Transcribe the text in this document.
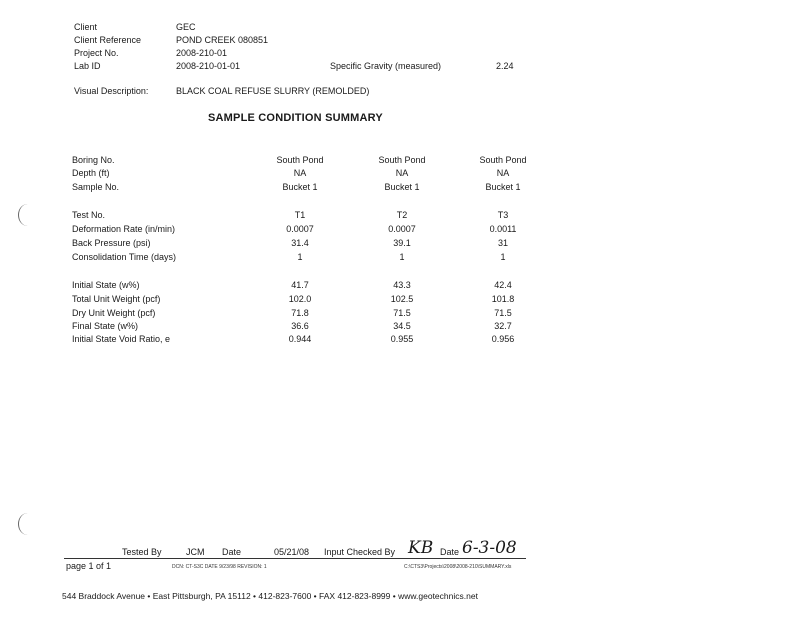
Client	GEC
Client Reference	POND CREEK 080851
Project No.	2008-210-01
Lab ID	2008-210-01-01	Specific Gravity (measured)	2.24
Visual Description:	BLACK COAL REFUSE SLURRY (REMOLDED)
SAMPLE CONDITION SUMMARY
Boring No.	South Pond	South Pond	South Pond
Depth (ft)	NA	NA	NA
Sample No.	Bucket 1	Bucket 1	Bucket 1
Test No.	T1	T2	T3
Deformation Rate (in/min)	0.0007	0.0007	0.0011
Back Pressure (psi)	31.4	39.1	31
Consolidation Time (days)	1	1	1
Initial State (w%)	41.7	43.3	42.4
Total Unit Weight (pcf)	102.0	102.5	101.8
Dry Unit Weight (pcf)	71.8	71.5	71.5
Final State (w%)	36.6	34.5	32.7
Initial State Void Ratio, e	0.944	0.955	0.956
Tested By	JCM Date	05/21/08 Input Checked By KB Date 6-3-08
page 1 of 1	DCN: CT-S3C DATE 9/23/98 REVISION: 1	C:\CTS3\Projects\2008\2008-210\SUMMARY.xls
544 Braddock Avenue • East Pittsburgh, PA 15112 • 412-823-7600 • FAX 412-823-8999 • www.geotechnics.net
